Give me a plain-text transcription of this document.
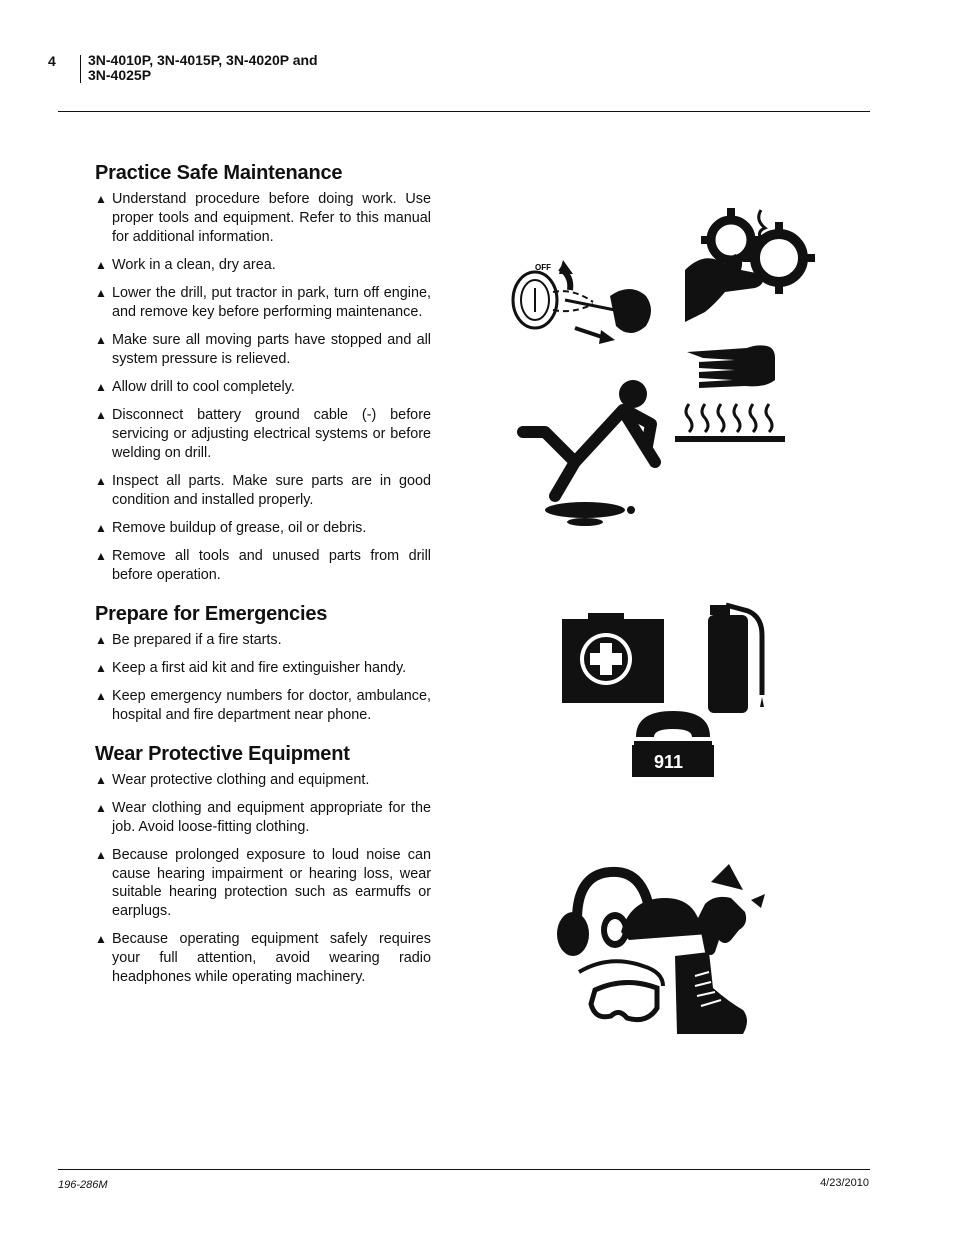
4 3N-4010P, 3N-4015P, 3N-4020P and
3N-4025P
Practice Safe Maintenance
▲ Understand procedure before doing work. Use proper tools and equipment. Refer to this manual for additional information.
▲ Work in a clean, dry area.
▲ Lower the drill, put tractor in park, turn off engine, and remove key before performing maintenance.
▲ Make sure all moving parts have stopped and all system pressure is relieved.
▲ Allow drill to cool completely.
▲ Disconnect battery ground cable (-) before servicing or adjusting electrical systems or before welding on drill.
▲ Inspect all parts. Make sure parts are in good condition and installed properly.
▲ Remove buildup of grease, oil or debris.
▲ Remove all tools and unused parts from drill before operation.
Prepare for Emergencies
▲ Be prepared if a fire starts.
▲ Keep a first aid kit and fire extinguisher handy.
▲ Keep emergency numbers for doctor, ambulance, hospital and fire department near phone.
Wear Protective Equipment
▲ Wear protective clothing and equipment.
▲ Wear clothing and equipment appropriate for the job. Avoid loose-fitting clothing.
▲ Because prolonged exposure to loud noise can cause hearing impairment or hearing loss, wear suitable hearing protection such as earmuffs or earplugs.
▲ Because operating equipment safely requires your full attention, avoid wearing radio headphones while operating machinery.
OFF
911
196-286M	4/23/2010
